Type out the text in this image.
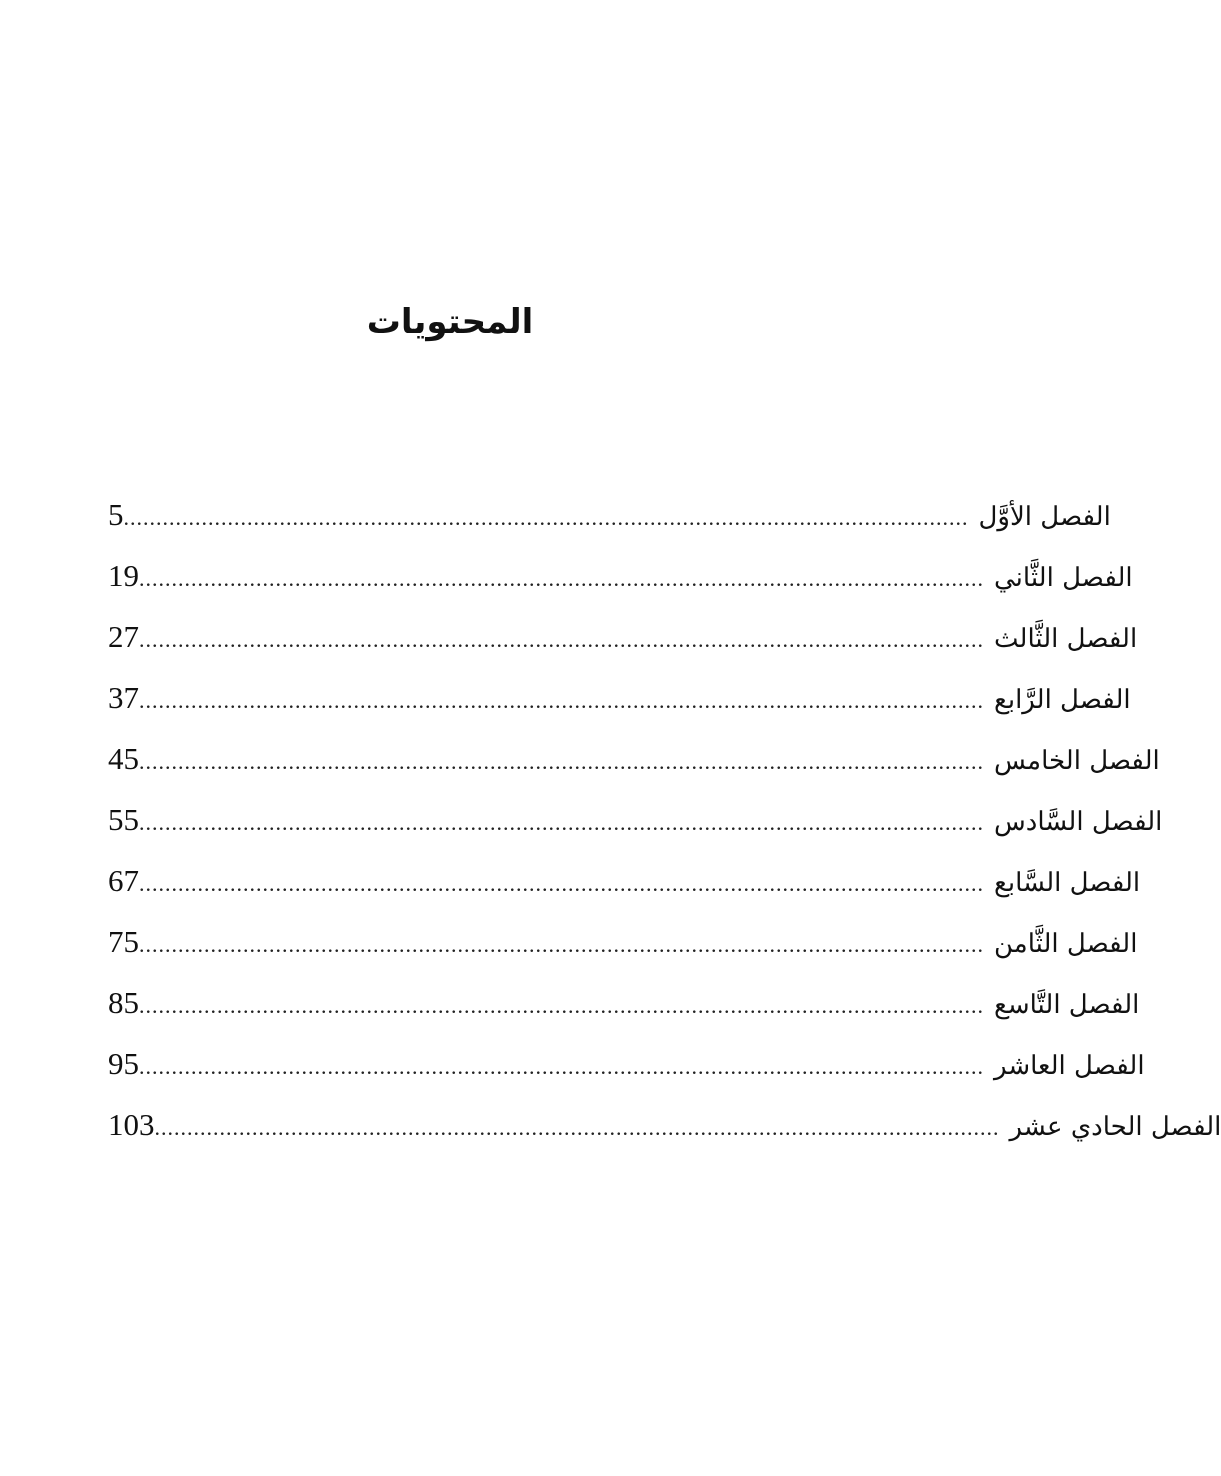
المحتويات
5 .................................................................................................................................. الفصل الأوَّل
19 .................................................................................................................................. الفصل الثَّاني
27 .................................................................................................................................. الفصل الثَّالث
37 .................................................................................................................................. الفصل الرَّابع
45 .................................................................................................................................. الفصل الخامس
55 .................................................................................................................................. الفصل السَّادس
67 .................................................................................................................................. الفصل السَّابع
75 .................................................................................................................................. الفصل الثَّامن
85 .................................................................................................................................. الفصل التَّاسع
95 .................................................................................................................................. الفصل العاشر
103 .................................................................................................................................. الفصل الحادي عشر
